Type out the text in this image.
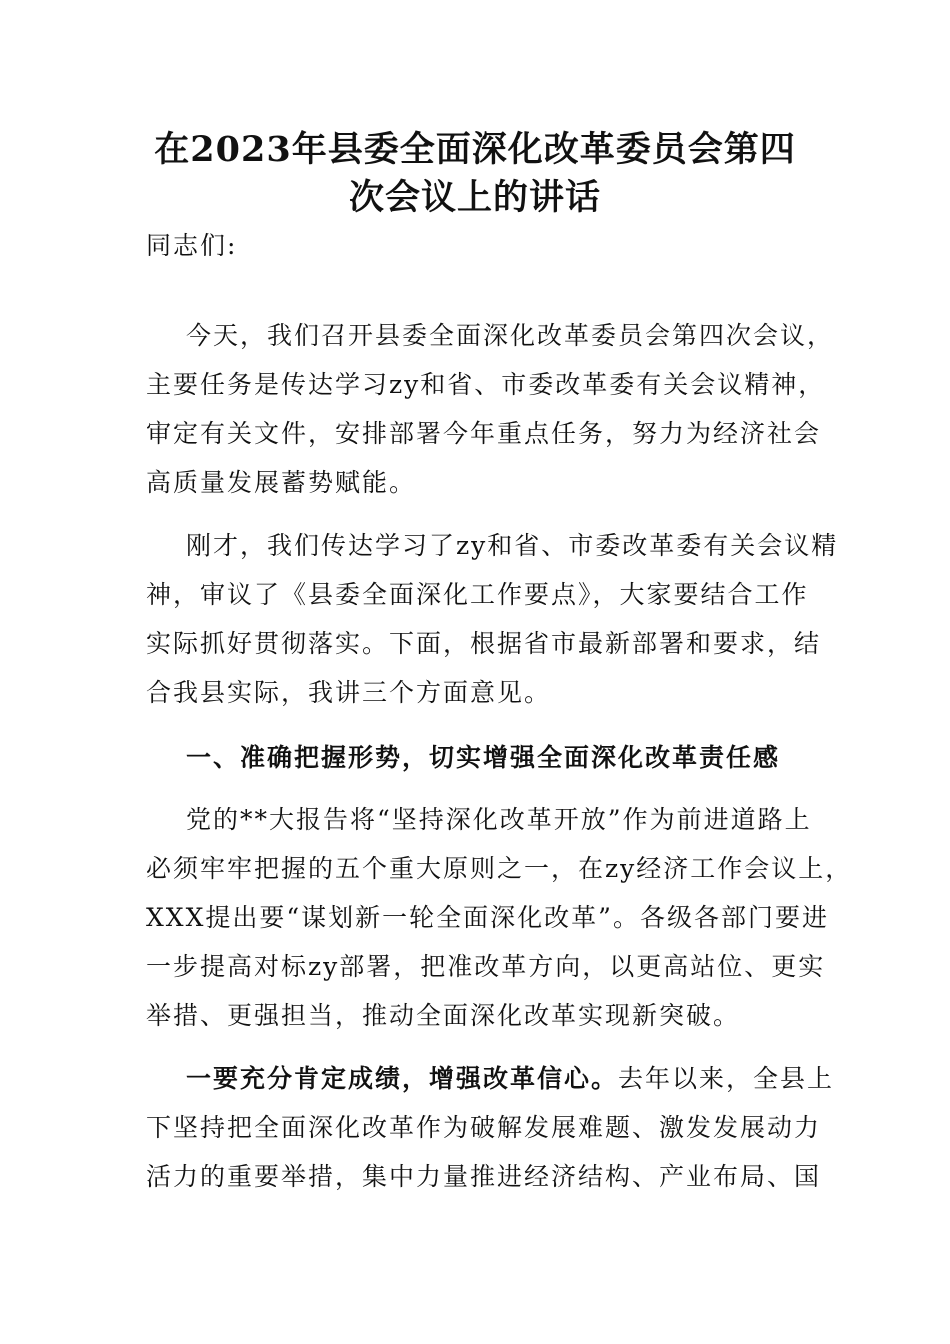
在2023年县委全面深化改革委员会第四
次会议上的讲话
同志们:
今天，我们召开县委全面深化改革委员会第四次会议，
主要任务是传达学习zy和省、市委改革委有关会议精神，
审定有关文件，安排部署今年重点任务，努力为经济社会
高质量发展蓄势赋能。
刚才，我们传达学习了zy和省、市委改革委有关会议精
神，审议了《县委全面深化工作要点》，大家要结合工作
实际抓好贯彻落实。下面，根据省市最新部署和要求，结
合我县实际，我讲三个方面意见。
一、准确把握形势，切实增强全面深化改革责任感
党的**大报告将“坚持深化改革开放”作为前进道路上
必须牢牢把握的五个重大原则之一，在zy经济工作会议上，
XXX提出要“谋划新一轮全面深化改革”。各级各部门要进
一步提高对标zy部署，把准改革方向，以更高站位、更实
举措、更强担当，推动全面深化改革实现新突破。
一要充分肯定成绩，增强改革信心。去年以来，全县上
下坚持把全面深化改革作为破解发展难题、激发发展动力
活力的重要举措，集中力量推进经济结构、产业布局、国
